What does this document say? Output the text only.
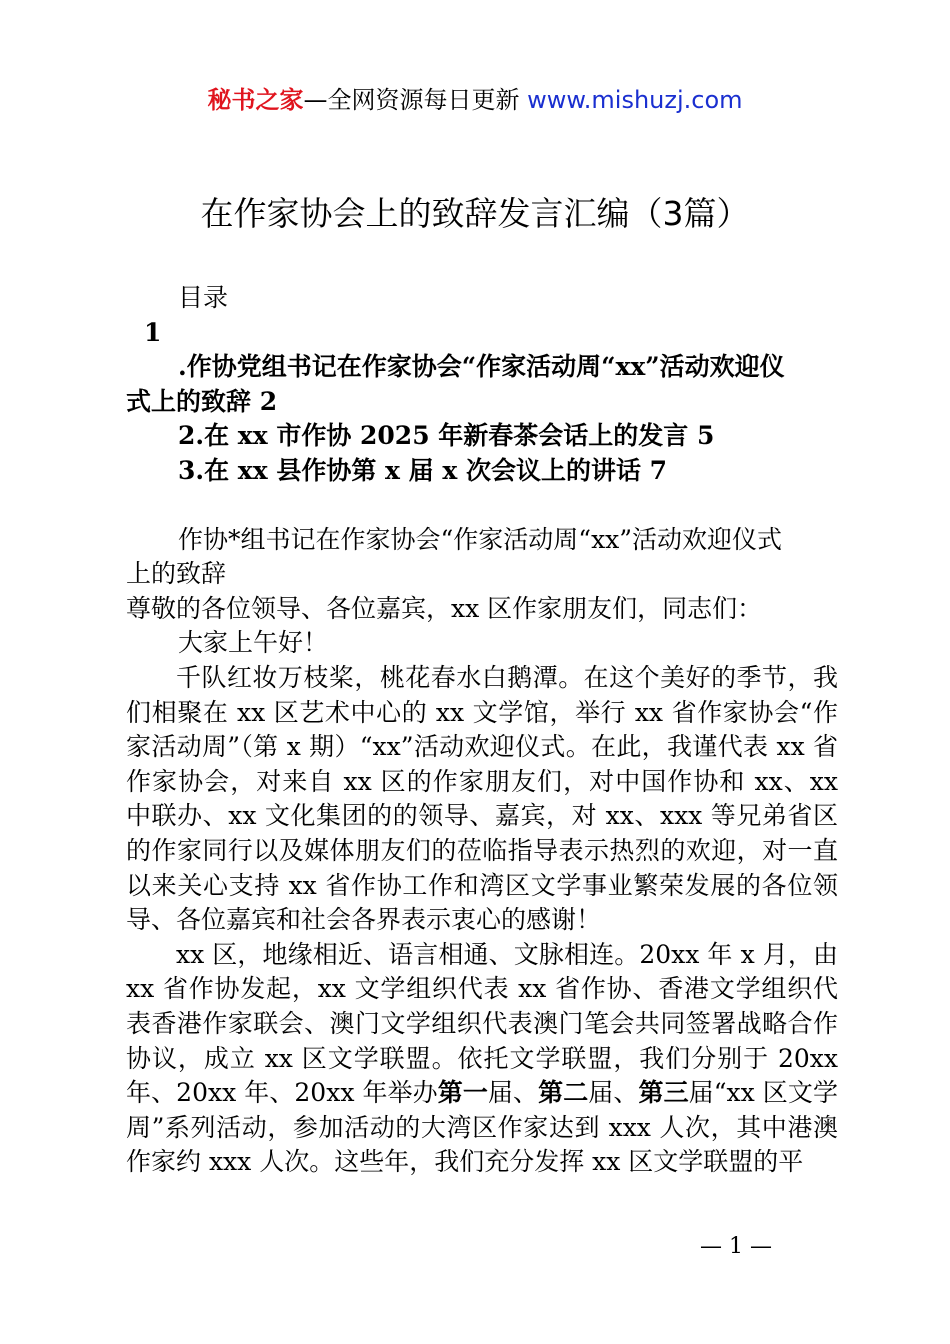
秘书之家—全网资源每日更新 www.mishuzj.com
在作家协会上的致辞发言汇编（3篇）
目录
1
.作协党组书记在作家协会“作家活动周“xx”活动欢迎仪
式上的致辞 2
2.在 xx 市作协 2025 年新春茶会话上的发言 5
3.在 xx 县作协第 x 届 x 次会议上的讲话 7
作协*组书记在作家协会“作家活动周“xx”活动欢迎仪式
上的致辞
尊敬的各位领导、各位嘉宾，xx 区作家朋友们，同志们：
大家上午好！

千队红妆万枝桨，桃花春水白鹅潭。在这个美好的季节，我们相聚在 xx 区艺术中心的 xx 文学馆，举行 xx 省作家协会“作家活动周”（第 x 期）“xx”活动欢迎仪式。在此，我谨代表 xx 省作家协会，对来自 xx 区的作家朋友们，对中国作协和 xx、xx 中联办、xx 文化集团的的领导、嘉宾，对 xx、xxx 等兄弟省区的作家同行以及媒体朋友们的莅临指导表示热烈的欢迎，对一直以来关心支持 xx 省作协工作和湾区文学事业繁荣发展的各位领导、各位嘉宾和社会各界表示衷心的感谢！

xx 区，地缘相近、语言相通、文脉相连。20xx 年 x 月，由 xx 省作协发起，xx 文学组织代表 xx 省作协、香港文学组织代表香港作家联会、澳门文学组织代表澳门笔会共同签署战略合作协议，成立 xx 区文学联盟。依托文学联盟，我们分别于 20xx 年、20xx 年、20xx 年举办第一届、第二届、第三届“xx 区文学周”系列活动，参加活动的大湾区作家达到 xxx 人次，其中港澳作家约 xxx 人次。这些年，我们充分发挥 xx 区文学联盟的平

— 1 —
